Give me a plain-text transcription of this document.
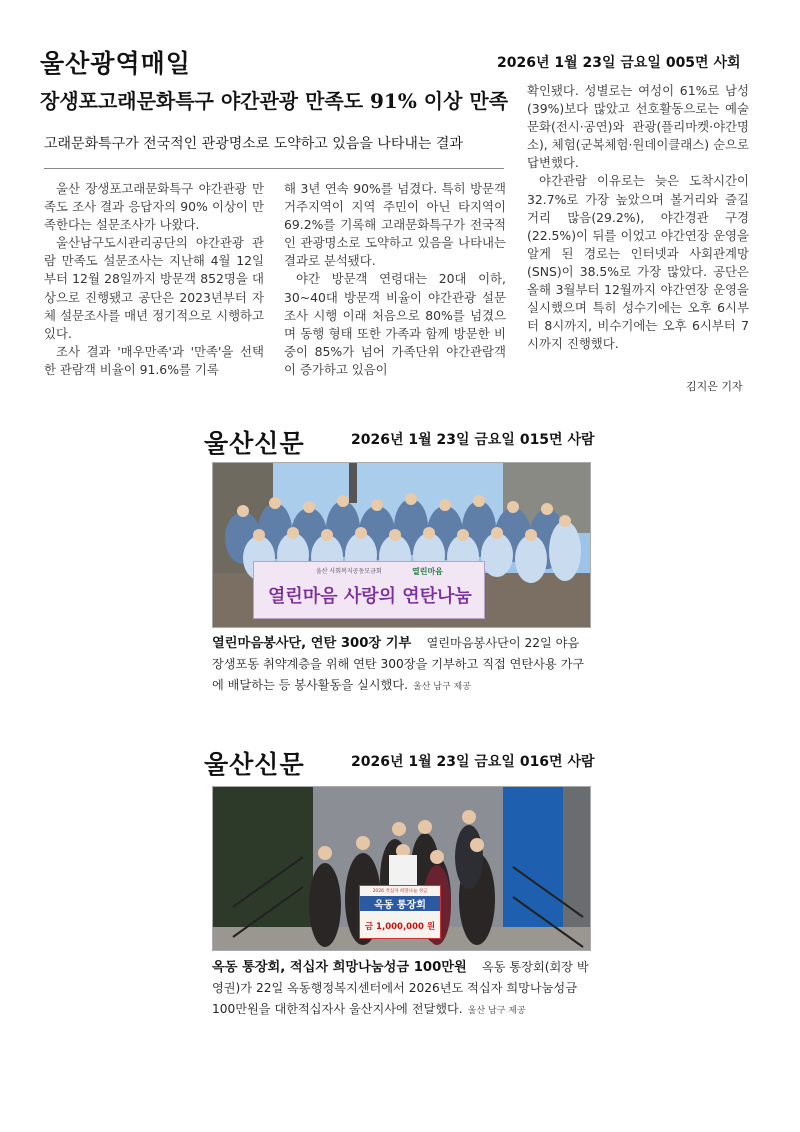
울산광역매일	2026년 1월 23일 금요일 005면 사회
장생포고래문화특구 야간관광 만족도 91% 이상 만족
고래문화특구가 전국적인 관광명소로 도약하고 있음을 나타내는 결과

울산 장생포고래문화특구 야간관광 만족도 조사 결과 응답자의 90% 이상이 만족한다는 설문조사가 나왔다.

울산남구도시관리공단의 야간관광 관람 만족도 설문조사는 지난해 4월 12일부터 12월 28일까지 방문객 852명을 대상으로 진행됐고 공단은 2023년부터 자체 설문조사를 매년 정기적으로 시행하고 있다.

조사 결과 '매우만족'과 '만족'을 선택한 관람객 비율이 91.6%를 기록

해 3년 연속 90%를 넘겼다. 특히 방문객 거주지역이 지역 주민이 아닌 타지역이 69.2%를 기록해 고래문화특구가 전국적인 관광명소로 도약하고 있음을 나타내는 결과로 분석됐다.

야간 방문객 연령대는 20대 이하, 30~40대 방문객 비율이 야간관광 설문조사 시행 이래 처음으로 80%를 넘겼으며 동행 형태 또한 가족과 함께 방문한 비중이 85%가 넘어 가족단위 야간관람객이 증가하고 있음이

확인됐다. 성별로는 여성이 61%로 남성(39%)보다 많았고 선호활동으로는 예술문화(전시·공연)와 관광(플리마켓·야간명소), 체험(군복체험·원데이클래스) 순으로 답변했다.

야간관람 이유로는 늦은 도착시간이 32.7%로 가장 높았으며 볼거리와 즐길거리 많음(29.2%), 야간경관 구경(22.5%)이 뒤를 이었고 야간연장 운영을 알게 된 경로는 인터넷과 사회관계망(SNS)이 38.5%로 가장 많았다. 공단은 올해 3월부터 12월까지 야간연장 운영을 실시했으며 특히 성수기에는 오후 6시부터 8시까지, 비수기에는 오후 6시부터 7시까지 진행했다.

김지은 기자
울산신문	2026년 1월 23일 금요일 015면 사람
울산 사회복지공동모금회	열린마음
열린마음 사랑의 연탄나눔
열린마음봉사단, 연탄 300장 기부 열린마음봉사단이 22일 야음장생포동 취약계층을 위해 연탄 300장을 기부하고 직접 연탄사용 가구에 배달하는 등 봉사활동을 실시했다. 울산 남구 제공
울산신문	2026년 1월 23일 금요일 016면 사람
2026 적십자 희망나눔 성금
옥동 통장회
금 1,000,000 원
옥동 통장회, 적십자 희망나눔성금 100만원 옥동 통장회(회장 박영권)가 22일 옥동행정복지센터에서 2026년도 적십자 희망나눔성금 100만원을 대한적십자사 울산지사에 전달했다. 울산 남구 제공
